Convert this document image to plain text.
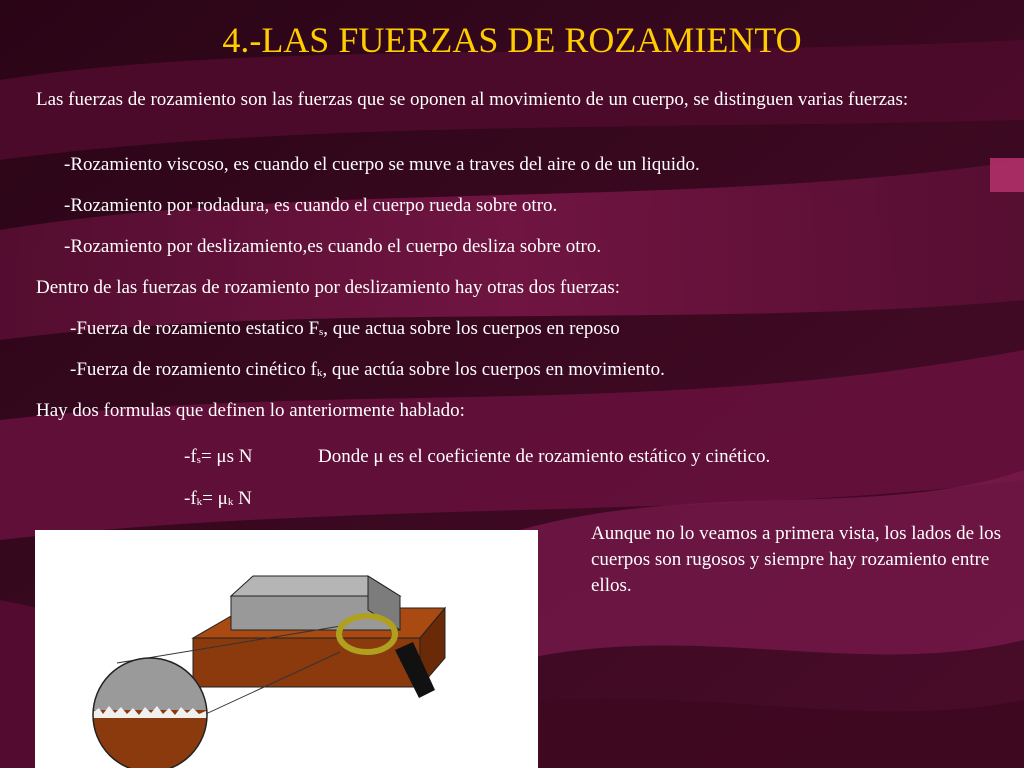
4.-LAS FUERZAS DE ROZAMIENTO
Las fuerzas de rozamiento son las fuerzas que se oponen al movimiento de un cuerpo, se distinguen varias fuerzas:
-Rozamiento viscoso, es cuando el cuerpo se muve a traves del aire o de un liquido.
-Rozamiento por rodadura, es cuando el cuerpo rueda sobre otro.
-Rozamiento por deslizamiento,es cuando el cuerpo desliza sobre otro.
Dentro de las fuerzas de rozamiento por deslizamiento hay otras dos fuerzas:
-Fuerza de rozamiento estatico Fs, que actua sobre los cuerpos en reposo
-Fuerza de rozamiento cinético fk, que actúa sobre los cuerpos en movimiento.
Hay dos formulas que definen lo anteriormente hablado:
-fs= μs N	Donde μ es el coeficiente de rozamiento estático y cinético.
-fk= μk N
Aunque no lo veamos a primera vista, los lados de los cuerpos son rugosos y siempre hay rozamiento entre ellos.
